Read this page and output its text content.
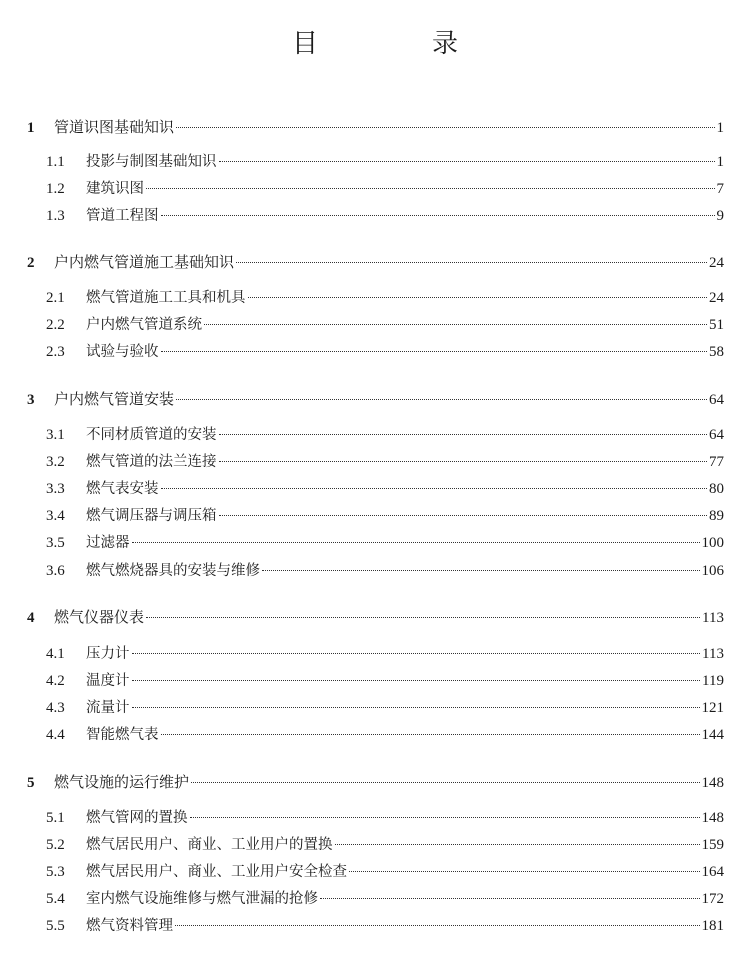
目　录
1	管道识图基础知识	1
1.1	投影与制图基础知识	1
1.2	建筑识图	7
1.3	管道工程图	9
2	户内燃气管道施工基础知识	24
2.1	燃气管道施工工具和机具	24
2.2	户内燃气管道系统	51
2.3	试验与验收	58
3	户内燃气管道安装	64
3.1	不同材质管道的安装	64
3.2	燃气管道的法兰连接	77
3.3	燃气表安装	80
3.4	燃气调压器与调压箱	89
3.5	过滤器	100
3.6	燃气燃烧器具的安装与维修	106
4	燃气仪器仪表	113
4.1	压力计	113
4.2	温度计	119
4.3	流量计	121
4.4	智能燃气表	144
5	燃气设施的运行维护	148
5.1	燃气管网的置换	148
5.2	燃气居民用户、商业、工业用户的置换	159
5.3	燃气居民用户、商业、工业用户安全检查	164
5.4	室内燃气设施维修与燃气泄漏的抢修	172
5.5	燃气资料管理	181
